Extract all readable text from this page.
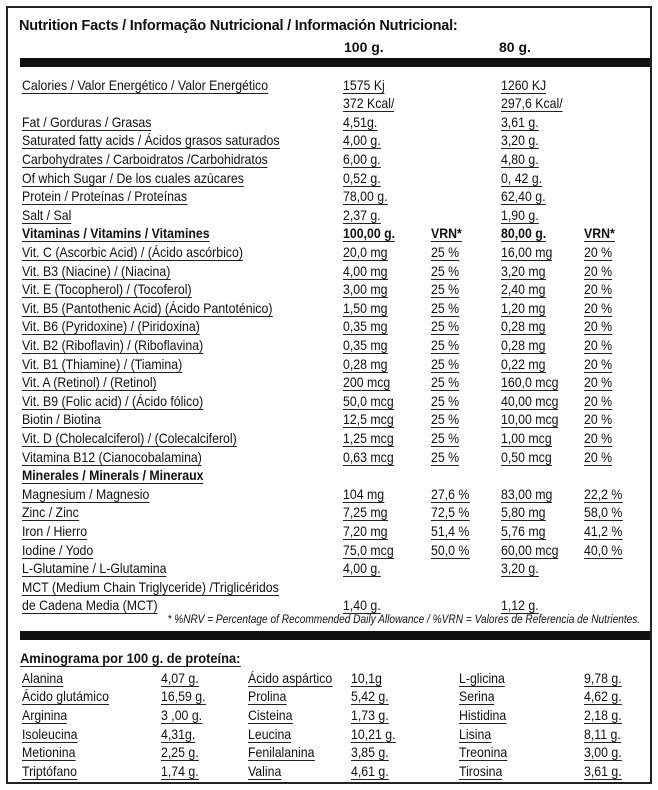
Nutrition Facts / Informação Nutricional / Información Nutricional:
100 g.	80 g.
Calories / Valor Energético / Valor Energético	1575 Kj	1260 KJ
372 Kcal/	297,6 Kcal/
Fat / Gorduras / Grasas	4,51g.	3,61 g.
Saturated fatty acids / Ácidos grasos saturados	4,00 g.	3,20 g.
Carbohydrates / Carboidratos /Carbohidratos	6,00 g.	4,80 g.
Of which Sugar / De los cuales azúcares	0,52 g.	0, 42 g.
Protein / Proteínas / Proteínas	78,00 g.	62,40 g.
Salt / Sal	2,37 g.	1,90 g.
Vitaminas / Vitamins / Vitamines	100,00 g.	VRN*	80,00 g.	VRN*
Vit. C (Ascorbic Acid) / (Ácido ascórbico)	20,0 mg	25 %	16,00 mg 20 %
Vit. B3 (Niacine) / (Niacina)	4,00 mg	25 %	3,20 mg	20 %
Vit. E (Tocopherol) / (Tocoferol)	3,00 mg	25 %	2,40 mg	20 %
Vit. B5 (Pantothenic Acid) (Ácido Pantoténico)	1,50 mg	25 %	1,20 mg	20 %
Vit. B6 (Pyridoxine) / (Piridoxina)	0,35 mg	25 %	0,28 mg	20 %
Vit. B2 (Riboflavin) / (Riboflavina)	0,35 mg	25 %	0,28 mg	20 %
Vit. B1 (Thiamine) / (Tiamina)	0,28 mg	25 %	0,22 mg	20 %
Vit. A (Retinol) / (Retinol)	200 mcg	25 %	160,0 mcg 20 %
Vit. B9 (Folic acid) / (Ácido fólico)	50,0 mcg	25 %	40,00 mcg 20 %
Biotin / Biotina	12,5 mcg	25 %	10,00 mcg 20 %
Vit. D (Cholecalciferol) / (Colecalciferol)	1,25 mcg	25 %	1,00 mcg 20 %
Vitamina B12 (Cianocobalamina)	0,63 mcg	25 %	0,50 mcg 20 %
Minerales / Minerals / Mineraux
Magnesium / Magnesio	104 mg	27,6 % 83,00 mg 22,2 %
Zinc / Zinc	7,25 mg	72,5 % 5,80 mg	58,0 %
Iron / Hierro	7,20 mg	51,4 % 5,76 mg	41,2 %
Iodine / Yodo	75,0 mcg	50,0 % 60,00 mcg 40,0 %
L-Glutamine / L-Glutamina	4,00 g.	3,20 g.
MCT (Medium Chain Triglyceride) /Triglicéridos
de Cadena Media (MCT)	1,40 g.	1,12 g.
* %NRV = Percentage of Recommended Daily Allowance / %VRN = Valores de Referencia de Nutrientes.
Aminograma por 100 g. de proteína:
Alanina	4,07 g.	Ácido aspártico 10,1g	L-glicina	9,78 g.
Ácido glutámico	16,59 g.	Prolina	5,42 g.	Serina	4,62 g.
Arginina	3 ,00 g.	Cisteina	1,73 g.	Histidina	2,18 g.
Isoleucina	4,31g.	Leucina	10,21 g.	Lisina	8,11 g.
Metionina	2,25 g.	Fenilalanina	3,85 g.	Treonina	3,00 g.
Triptófano	1,74 g.	Valina	4,61 g.	Tirosina	3,61 g.
